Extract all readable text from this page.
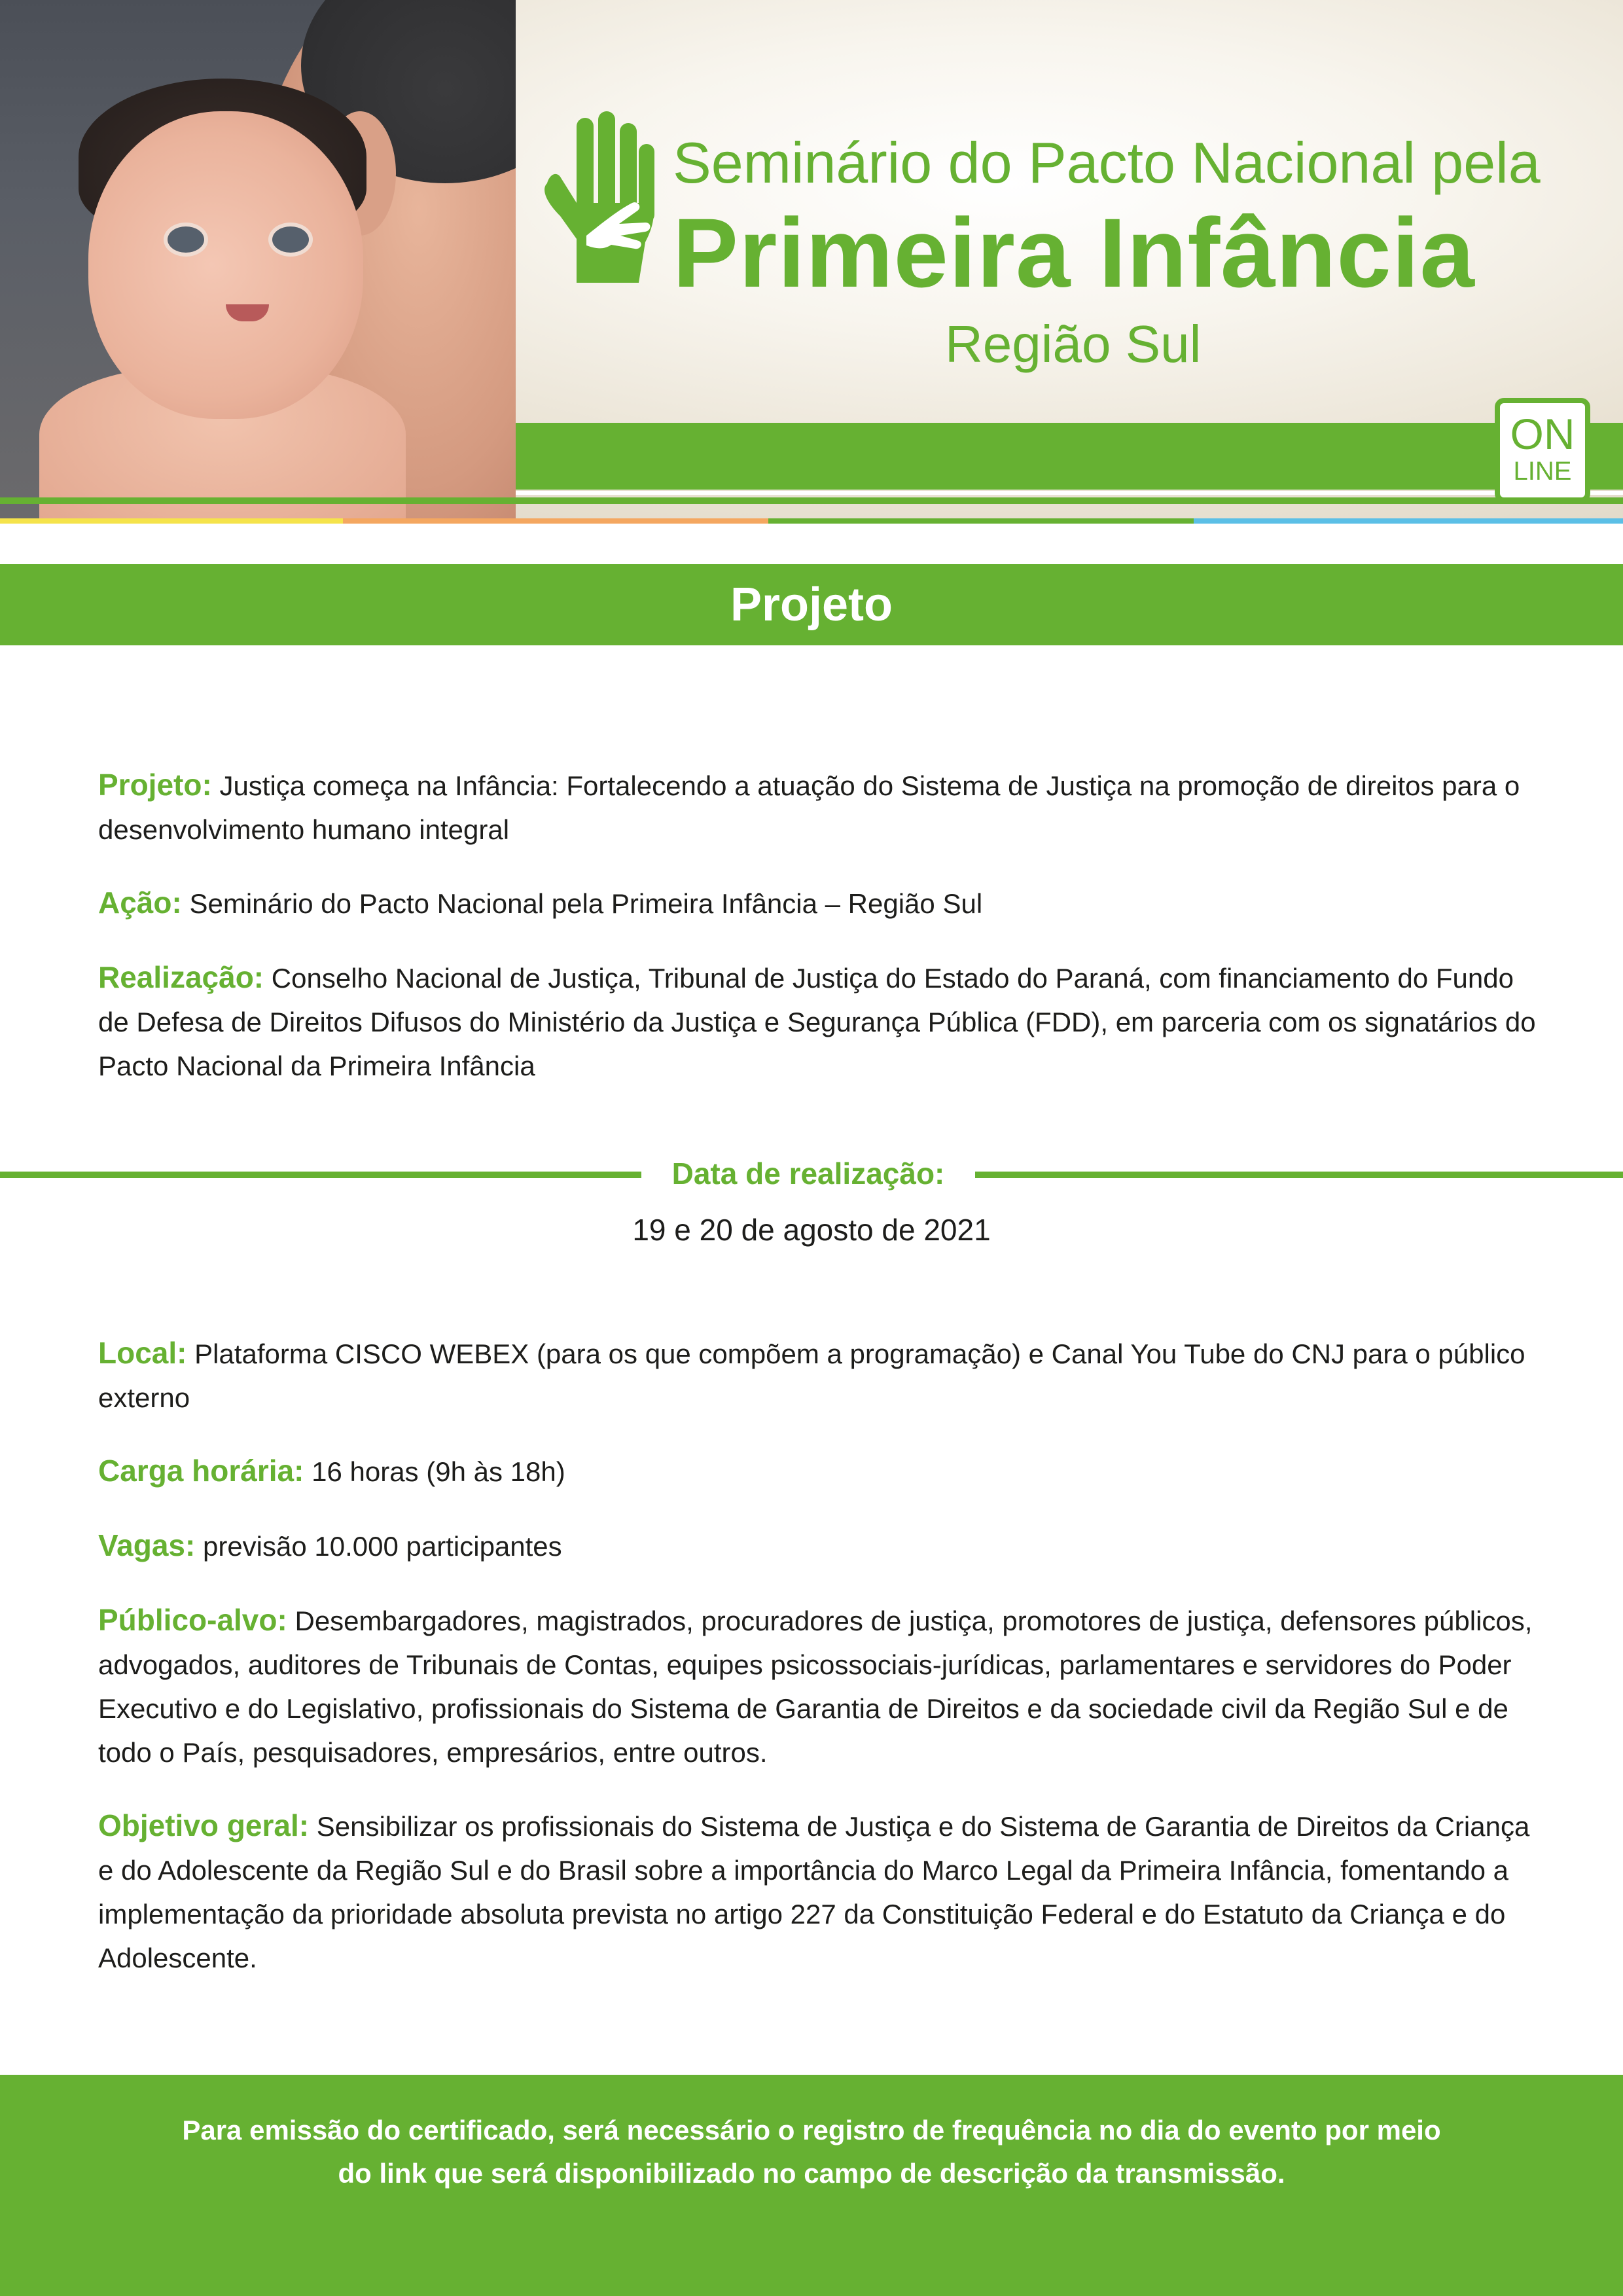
Seminário do Pacto Nacional pela
Primeira Infância
Região Sul
ON
LINE
Projeto
Projeto: Justiça começa na Infância: Fortalecendo a atuação do Sistema de Justiça na promoção de direitos para o desenvolvimento humano integral
Ação: Seminário do Pacto Nacional pela Primeira Infância – Região Sul
Realização: Conselho Nacional de Justiça, Tribunal de Justiça do Estado do Paraná, com financiamento do Fundo de Defesa de Direitos Difusos do Ministério da Justiça e Segurança Pública (FDD), em parceria com os signatários do Pacto Nacional da Primeira Infância
Data de realização:
19 e 20 de agosto de 2021
Local: Plataforma CISCO WEBEX (para os que compõem a programação) e Canal You Tube do CNJ para o público externo
Carga horária: 16 horas (9h às 18h)
Vagas: previsão 10.000 participantes
Público-alvo: Desembargadores, magistrados, procuradores de justiça, promotores de justiça, defensores públicos, advogados, auditores de Tribunais de Contas, equipes psicossociais-jurídicas, parlamentares e servidores do Poder Executivo e do Legislativo, profissionais do Sistema de Garantia de Direitos e da sociedade civil da Região Sul e de todo o País, pesquisadores, empresários, entre outros.
Objetivo geral: Sensibilizar os profissionais do Sistema de Justiça e do Sistema de Garantia de Direitos da Criança e do Adolescente da Região Sul e do Brasil sobre a importância do Marco Legal da Primeira Infância, fomentando a implementação da prioridade absoluta prevista no artigo 227 da Constituição Federal e do Estatuto da Criança e do Adolescente.
Para emissão do certificado, será necessário o registro de frequência no dia do evento por meio
do link que será disponibilizado no campo de descrição da transmissão.
